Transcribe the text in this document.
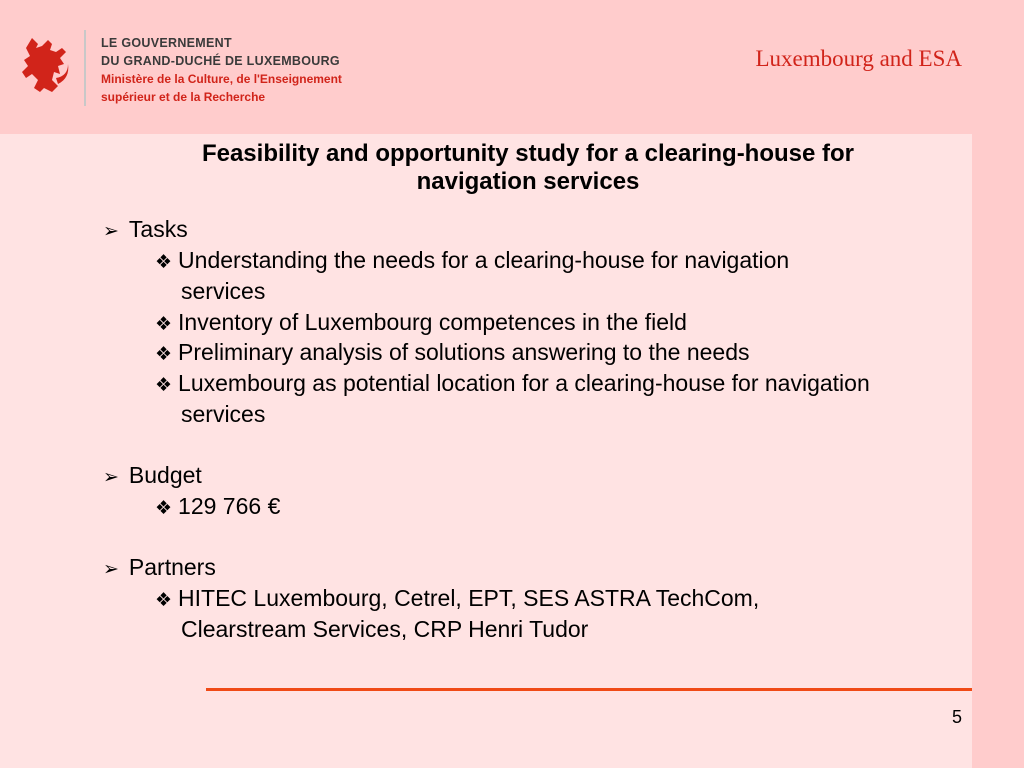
LE GOUVERNEMENT
DU GRAND-DUCHÉ DE LUXEMBOURG
Ministère de la Culture, de l'Enseignement
supérieur et de la Recherche
Luxembourg and ESA
Feasibility and opportunity study for a clearing-house for
navigation services
➢ Tasks
❖ Understanding the needs for a clearing-house for navigation
services
❖ Inventory of Luxembourg competences in the field
❖ Preliminary analysis of solutions answering to the needs
❖ Luxembourg as potential location for a clearing-house for navigation
services
➢ Budget
❖ 129 766 €
➢ Partners
❖ HITEC Luxembourg, Cetrel, EPT, SES ASTRA TechCom,
Clearstream Services, CRP Henri Tudor
5
